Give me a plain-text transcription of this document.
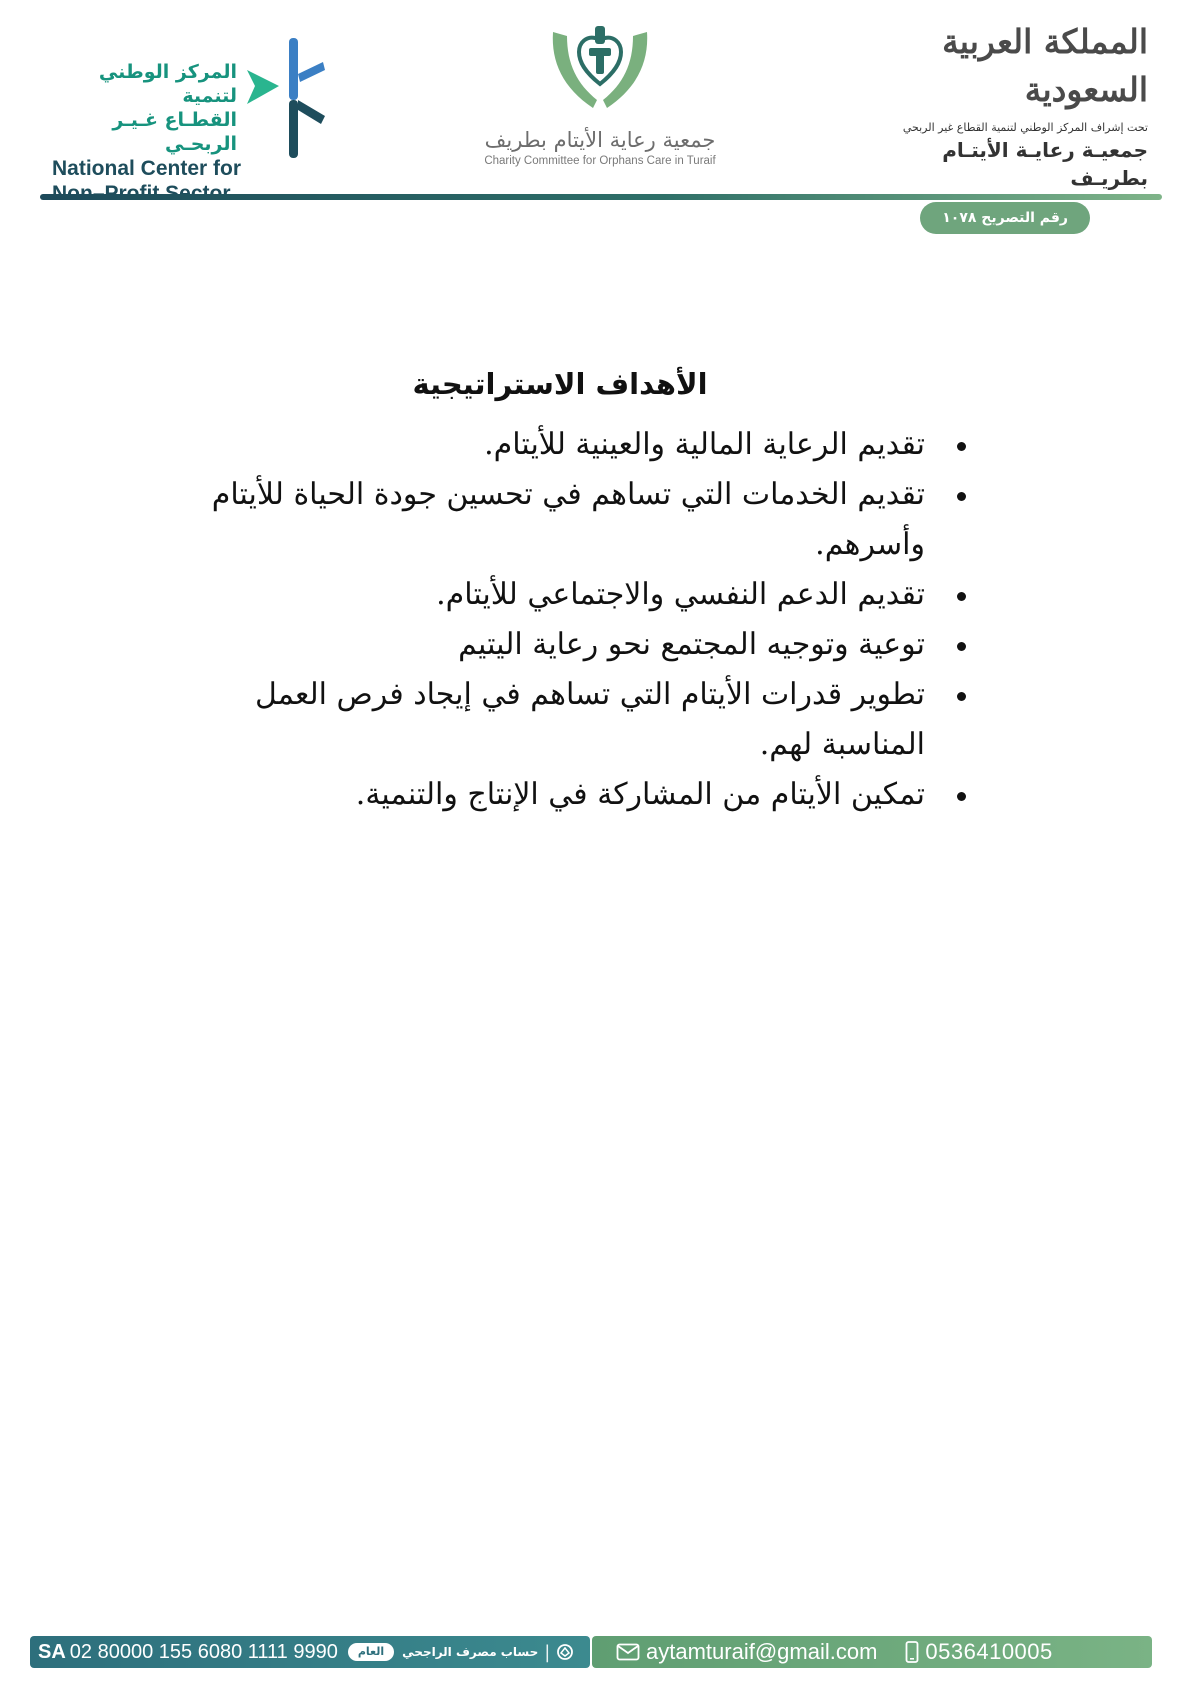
المركز الوطني لتنمية
القطـاع غـيـر الربحـي
National Center for
جمعية رعاية الأيتام بطريف
Charity Committee for Orphans Care in Turaif
المملكة العربية السعودية
تحت إشراف المركز الوطني لتنمية القطاع غير الربحي
جمعيـة رعايـة الأيتـام بطريـف
رقم التصريح ١٠٧٨
الأهداف الاستراتيجية
تقديم الرعاية المالية والعينية للأيتام.
تقديم الخدمات التي تساهم في تحسين جودة الحياة للأيتام وأسرهم.
تقديم الدعم النفسي والاجتماعي للأيتام.
توعية وتوجيه المجتمع نحو رعاية اليتيم
تطوير قدرات الأيتام التي تساهم في إيجاد فرص العمل المناسبة لهم.
تمكين الأيتام من المشاركة في الإنتاج والتنمية.
SA 02 80000 155 6080 1111 9990	العام	حساب مصرف الراجحي |	aytamturaif@gmail.com 0536410005
